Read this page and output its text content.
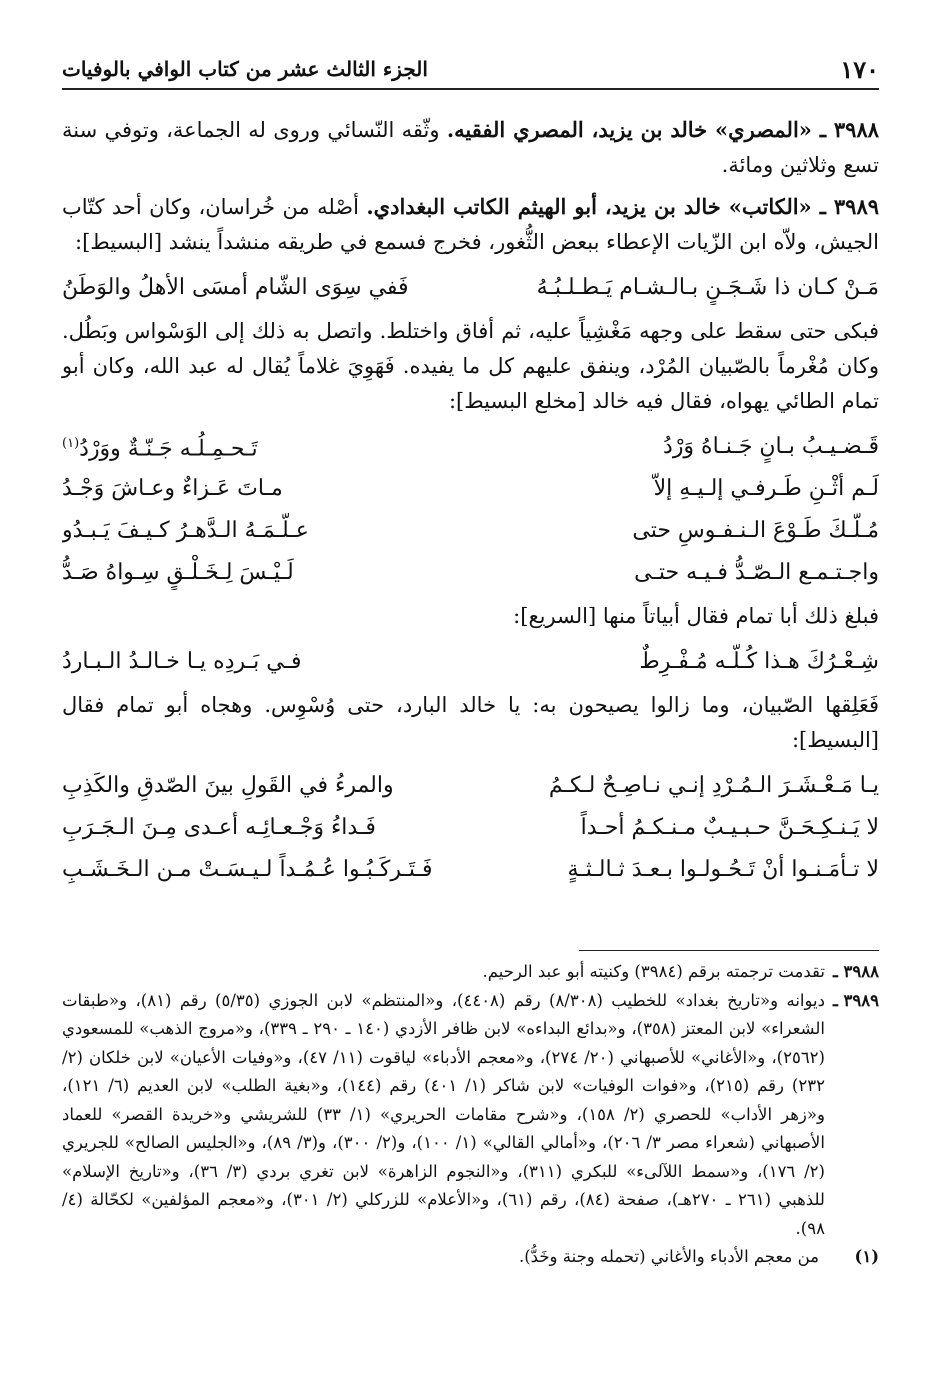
١٧٠
الجزء الثالث عشر من كتاب الوافي بالوفيات

٣٩٨٨ ـ «المصري» خالد بن يزيد، المصري الفقيه. وثّقه النّسائي وروى له الجماعة، وتوفي سنة تسع وثلاثين ومائة.

٣٩٨٩ ـ «الكاتب» خالد بن يزيد، أبو الهيثم الكاتب البغدادي. أصْله من خُراسان، وكان أحد كتّاب الجيش، ولاّه ابن الزّيات الإعطاء ببعض الثُّغور، فخرج فسمع في طريقه منشداً ينشد [البسيط]:

مَـنْ كـان ذا شَـجَـنٍ بـالـشـام يَـطـلـبُـهُ
فَفي سِوَى الشّام أمسَى الأهلُ والوَطَنُ

فبكى حتى سقط على وجهه مَغْشِياً عليه، ثم أفاق واختلط. واتصل به ذلك إلى الوَسْواس وبَطُل. وكان مُغْرماً بالصّبيان المُرْد، وينفق عليهم كل ما يفيده. فَهَوِيَ غلاماً يُقال له عبد الله، وكان أبو تمام الطائي يهواه، فقال فيه خالد [مخلع البسيط]:

قَـضـيـبُ بـانٍ جَـنـاهُ وَرْدُ
تَـحـمِـلُـه جَـنّـةٌ ووَرْدُ$^{(١)}$
لَـم أثْـنِ طَـرفـي إلـيـهِ إلاّ
مـاتَ عَـزاءٌ وعـاشَ وَجْـدُ
مُـلّـكَ طَـوْعَ الـنـفـوسِ حتى
عـلّـمَـهُ الـدَّهـرُ كـيـفَ يَـبـدُو
واجـتـمـع الـصّـدُّ فـيـه حتـى
لَـيْـسَ لِـخَـلْـقٍ سِـواهُ صَـدُّ

فبلغ ذلك أبا تمام فقال أبياتاً منها [السريع]:

شِـعْـرُكَ هـذا كُـلُّـه مُـفْـرِطٌ
فـي بَـردِه يـا خـالـدُ الـبـاردُ

فَعَلِقها الصّبيان، وما زالوا يصيحون به: يا خالد البارد، حتى وُسْوِس. وهجاه أبو تمام فقال [البسيط]:

يـا مَـعْـشَـرَ الـمُـرْدِ إنـي نـاصِـحٌ لـكـمُ
والمرءُ في القَولِ بينَ الصّدقِ والكَذِبِ
لا يَـنـكِـحَـنَّ حـبـيـبٌ مـنـكـمُ أحـداً
فَـداءُ وَجْـعـائِـه أعـدى مِـنَ الـجَـرَبِ
لا تـأمَـنـوا أنْ تَـحُـولـوا بـعـدَ ثـالـثـةٍ
فَـتَـركَـبُـوا عُـمُـداً لـيـسَـتْ مـن الـخَـشَـبِ
٣٩٨٨ ـ
تقدمت ترجمته برقم (٣٩٨٤) وكنيته أبو عبد الرحيم.
٣٩٨٩ ـ
ديوانه و«تاريخ بغداد» للخطيب (٨/٣٠٨) رقم (٤٤٠٨)، و«المنتظم» لابن الجوزي (٥/٣٥) رقم (٨١)، و«طبقات الشعراء» لابن المعتز (٣٥٨)، و«بدائع البداءه» لابن ظافر الأزدي (١٤٠ ـ ٢٩٠ ـ ٣٣٩)، و«مروج الذهب» للمسعودي (٢٥٦٢)، و«الأغاني» للأصبهاني (٢٠/ ٢٧٤)، و«معجم الأدباء» لياقوت (١١/ ٤٧)، و«وفيات الأعيان» لابن خلكان (٢/ ٢٣٢) رقم (٢١٥)، و«فوات الوفيات» لابن شاكر (١/ ٤٠١) رقم (١٤٤)، و«بغية الطلب» لابن العديم (٦/ ١٢١)، و«زهر الأداب» للحصري (٢/ ١٥٨)، و«شرح مقامات الحريري» (١/ ٣٣) للشريشي و«خريدة القصر» للعماد الأصبهاني (شعراء مصر ٣/ ٢٠٦)، و«أمالي القالي» (١/ ١٠٠)، و(٢/ ٣٠٠)، و(٣/ ٨٩)، و«الجليس الصالح» للجريري (٢/ ١٧٦)، و«سمط اللآلىء» للبكري (٣١١)، و«النجوم الزاهرة» لابن تغري بردي (٣/ ٣٦)، و«تاريخ الإسلام» للذهبي (٢٦١ ـ ٢٧٠هـ)، صفحة (٨٤)، رقم (٦١)، و«الأعلام» للزركلي (٢/ ٣٠١)، و«معجم المؤلفين» لكحّالة (٤/ ٩٨).
(١)
من معجم الأدباء والأغاني (تحمله وجنة وخَدُّ).
